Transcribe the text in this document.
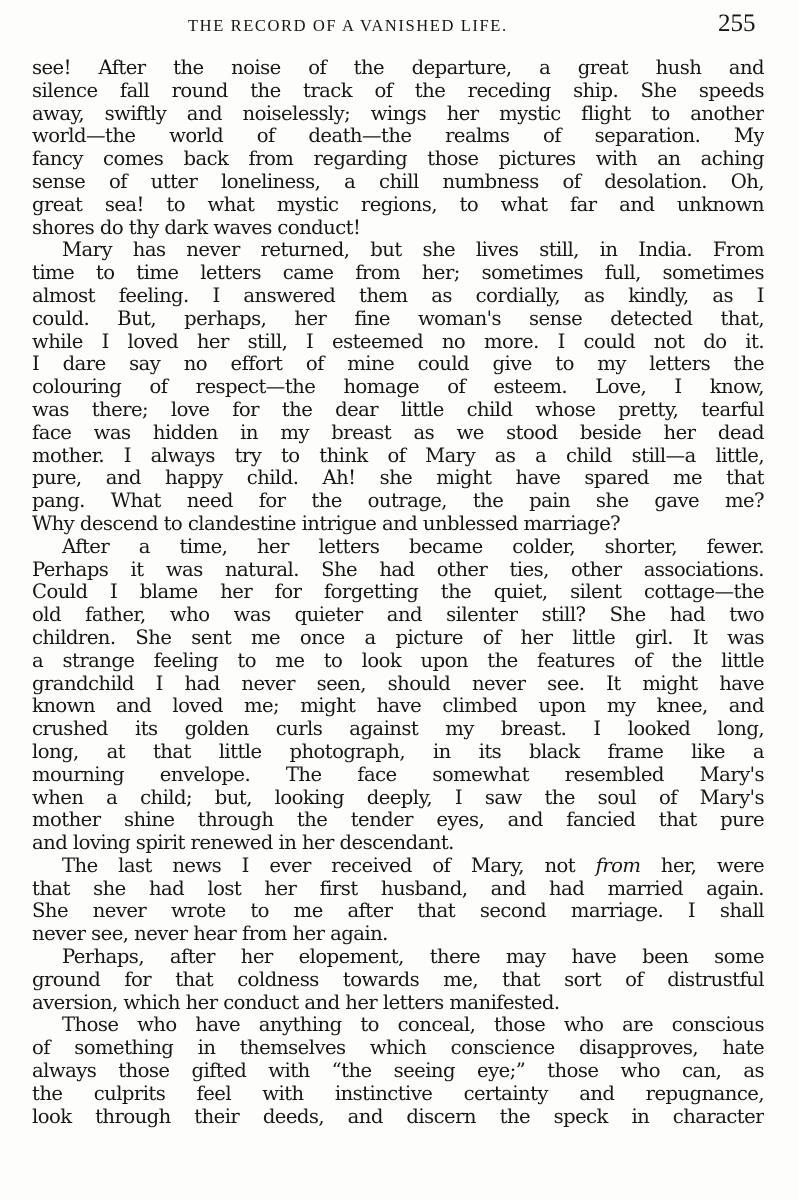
THE RECORD OF A VANISHED LIFE.	255
see! After the noise of the departure, a great hush and
silence fall round the track of the receding ship. She speeds
away, swiftly and noiselessly; wings her mystic flight to another
world—the world of death—the realms of separation. My
fancy comes back from regarding those pictures with an aching
sense of utter loneliness, a chill numbness of desolation. Oh,
great sea! to what mystic regions, to what far and unknown
shores do thy dark waves conduct!
Mary has never returned, but she lives still, in India. From
time to time letters came from her; sometimes full, sometimes
almost feeling. I answered them as cordially, as kindly, as I
could. But, perhaps, her fine woman's sense detected that,
while I loved her still, I esteemed no more. I could not do it.
I dare say no effort of mine could give to my letters the
colouring of respect—the homage of esteem. Love, I know,
was there; love for the dear little child whose pretty, tearful
face was hidden in my breast as we stood beside her dead
mother. I always try to think of Mary as a child still—a little,
pure, and happy child. Ah! she might have spared me that
pang. What need for the outrage, the pain she gave me?
Why descend to clandestine intrigue and unblessed marriage?
After a time, her letters became colder, shorter, fewer.
Perhaps it was natural. She had other ties, other associations.
Could I blame her for forgetting the quiet, silent cottage—the
old father, who was quieter and silenter still? She had two
children. She sent me once a picture of her little girl. It was
a strange feeling to me to look upon the features of the little
grandchild I had never seen, should never see. It might have
known and loved me; might have climbed upon my knee, and
crushed its golden curls against my breast. I looked long,
long, at that little photograph, in its black frame like a
mourning envelope. The face somewhat resembled Mary's
when a child; but, looking deeply, I saw the soul of Mary's
mother shine through the tender eyes, and fancied that pure
and loving spirit renewed in her descendant.
The last news I ever received of Mary, not from her, were
that she had lost her first husband, and had married again.
She never wrote to me after that second marriage. I shall
never see, never hear from her again.
Perhaps, after her elopement, there may have been some
ground for that coldness towards me, that sort of distrustful
aversion, which her conduct and her letters manifested.
Those who have anything to conceal, those who are conscious
of something in themselves which conscience disapproves, hate
always those gifted with “the seeing eye;” those who can, as
the culprits feel with instinctive certainty and repugnance,
look through their deeds, and discern the speck in character
